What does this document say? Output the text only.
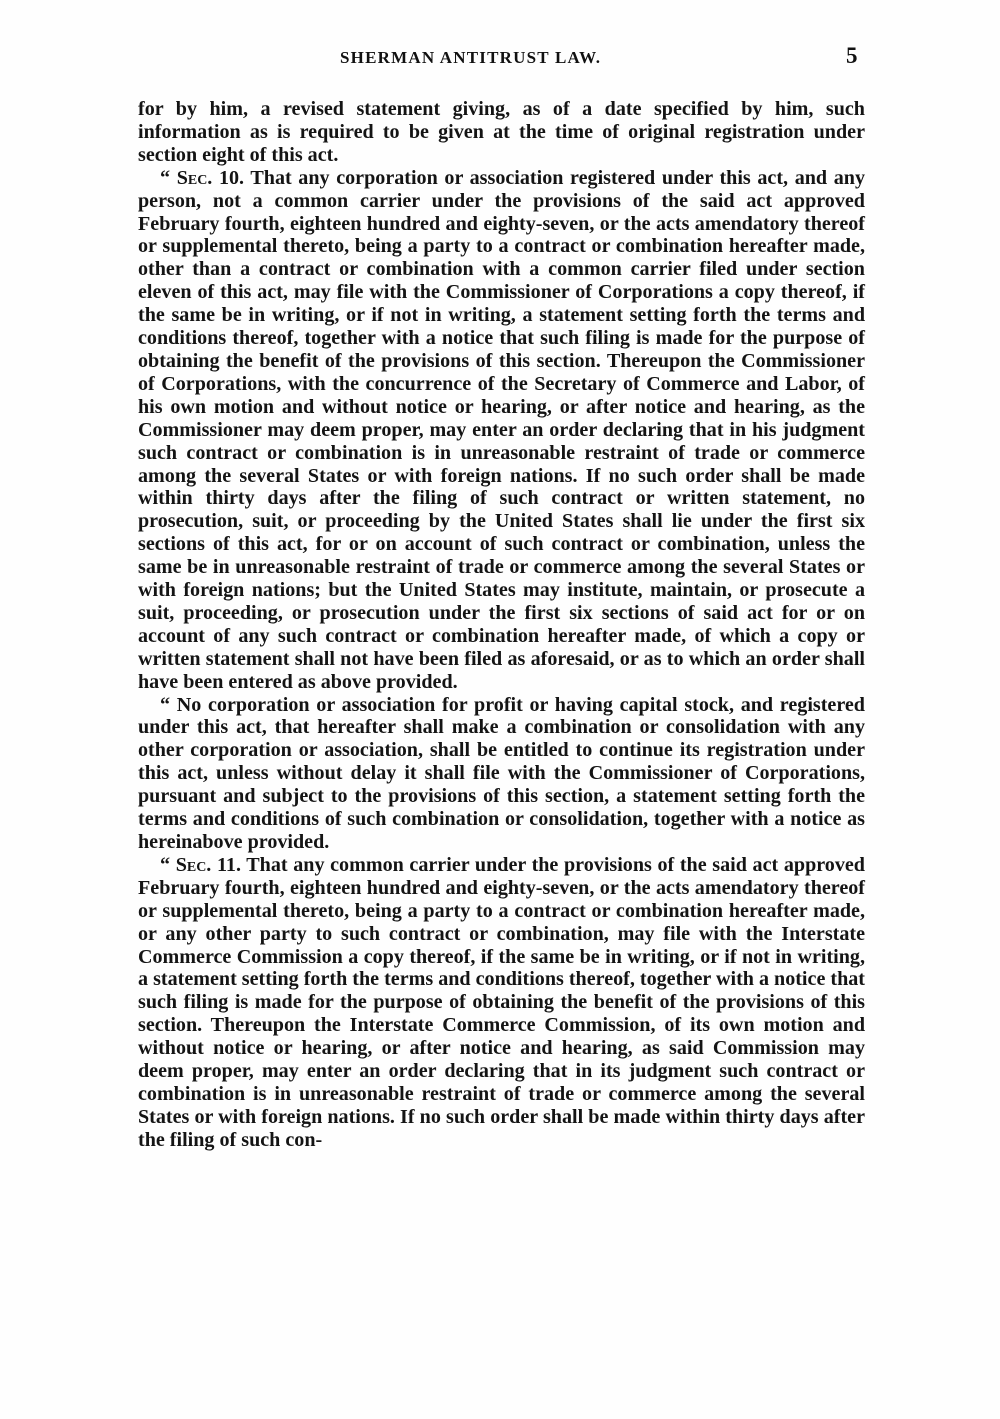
SHERMAN ANTITRUST LAW.	5

for by him, a revised statement giving, as of a date specified by him, such information as is required to be given at the time of original registration under section eight of this act.

“ Sec. 10. That any corporation or association registered under this act, and any person, not a common carrier under the provisions of the said act approved February fourth, eighteen hundred and eighty-seven, or the acts amendatory thereof or supplemental thereto, being a party to a contract or combination hereafter made, other than a contract or combination with a common carrier filed under section eleven of this act, may file with the Commissioner of Corporations a copy thereof, if the same be in writing, or if not in writing, a statement setting forth the terms and conditions thereof, together with a notice that such filing is made for the purpose of obtaining the benefit of the provisions of this section. Thereupon the Commissioner of Corporations, with the concurrence of the Secretary of Commerce and Labor, of his own motion and without notice or hearing, or after notice and hearing, as the Commissioner may deem proper, may enter an order declaring that in his judgment such contract or combination is in unreasonable restraint of trade or commerce among the several States or with foreign nations. If no such order shall be made within thirty days after the filing of such contract or written statement, no prosecution, suit, or proceeding by the United States shall lie under the first six sections of this act, for or on account of such contract or combination, unless the same be in unreasonable restraint of trade or commerce among the several States or with foreign nations; but the United States may institute, maintain, or prosecute a suit, proceeding, or prosecution under the first six sections of said act for or on account of any such contract or combination hereafter made, of which a copy or written statement shall not have been filed as aforesaid, or as to which an order shall have been entered as above provided.

“ No corporation or association for profit or having capital stock, and registered under this act, that hereafter shall make a combination or consolidation with any other corporation or association, shall be entitled to continue its registration under this act, unless without delay it shall file with the Commissioner of Corporations, pursuant and subject to the provisions of this section, a statement setting forth the terms and conditions of such combination or consolidation, together with a notice as hereinabove provided.

“ Sec. 11. That any common carrier under the provisions of the said act approved February fourth, eighteen hundred and eighty-seven, or the acts amendatory thereof or supplemental thereto, being a party to a contract or combination hereafter made, or any other party to such contract or combination, may file with the Interstate Commerce Commission a copy thereof, if the same be in writing, or if not in writing, a statement setting forth the terms and conditions thereof, together with a notice that such filing is made for the purpose of obtaining the benefit of the provisions of this section. Thereupon the Interstate Commerce Commission, of its own motion and without notice or hearing, or after notice and hearing, as said Commission may deem proper, may enter an order declaring that in its judgment such contract or combination is in unreasonable restraint of trade or commerce among the several States or with foreign nations. If no such order shall be made within thirty days after the filing of such con-
